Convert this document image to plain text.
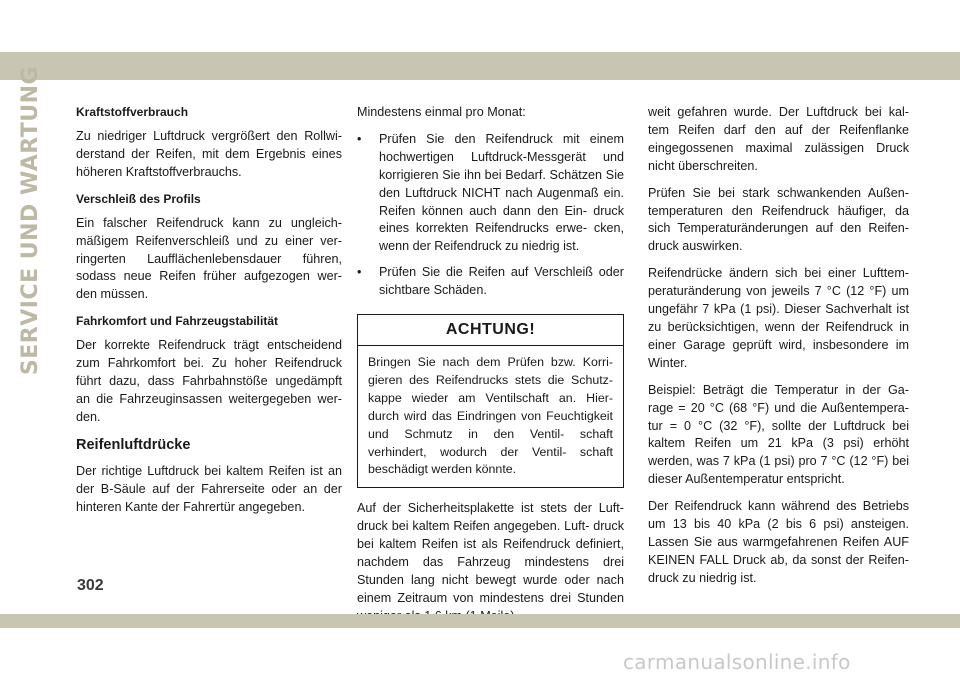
SERVICE UND WARTUNG	Kraftstoffverbrauch

Zu niedriger Luftdruck vergrößert den Rollwi- derstand der Reifen, mit dem Ergebnis eines höheren Kraftstoffverbrauchs.

Verschleiß des Profils

Ein falscher Reifendruck kann zu ungleich- mäßigem Reifenverschleiß und zu einer ver- ringerten Laufflächenlebensdauer führen, sodass neue Reifen früher aufgezogen wer- den müssen.

Fahrkomfort und Fahrzeugstabilität

Der korrekte Reifendruck trägt entscheidend zum Fahrkomfort bei. Zu hoher Reifendruck führt dazu, dass Fahrbahnstöße ungedämpft an die Fahrzeuginsassen weitergegeben wer- den.

Reifenluftdrücke

Der richtige Luftdruck bei kaltem Reifen ist an der B-Säule auf der Fahrerseite oder an der hinteren Kante der Fahrertür angegeben.

Mindestens einmal pro Monat:

• Prüfen Sie den Reifendruck mit einem hochwertigen Luftdruck-Messgerät und korrigieren Sie ihn bei Bedarf. Schätzen Sie den Luftdruck NICHT nach Augenmaß ein. Reifen können auch dann den Ein- druck eines korrekten Reifendrucks erwe- cken, wenn der Reifendruck zu niedrig ist.
• Prüfen Sie die Reifen auf Verschleiß oder sichtbare Schäden.
ACHTUNG!
Bringen Sie nach dem Prüfen bzw. Korri- gieren des Reifendrucks stets die Schutz- kappe wieder am Ventilschaft an. Hier- durch wird das Eindringen von Feuchtigkeit und Schmutz in den Ventil- schaft verhindert, wodurch der Ventil- schaft beschädigt werden könnte.

Auf der Sicherheitsplakette ist stets der Luft- druck bei kaltem Reifen angegeben. Luft- druck bei kaltem Reifen ist als Reifendruck definiert, nachdem das Fahrzeug mindestens drei Stunden lang nicht bewegt wurde oder nach einem Zeitraum von mindestens drei Stunden

weit gefahren wurde. Der Luftdruck bei kal- tem Reifen darf den auf der Reifenflanke eingegossenen maximal zulässigen Druck nicht überschreiten.

Prüfen Sie bei stark schwankenden Außen- temperaturen den Reifendruck häufiger, da sich Temperaturänderungen auf den Reifen- druck auswirken.

Reifendrücke ändern sich bei einer Lufttem- peraturänderung von jeweils 7 °C (12 °F) um ungefähr 7 kPa (1 psi). Dieser Sachverhalt ist zu berücksichtigen, wenn der Reifendruck in einer Garage geprüft wird, insbesondere im Winter.

Beispiel: Beträgt die Temperatur in der Ga- rage = 20 °C (68 °F) und die Außentempera- tur = 0 °C (32 °F), sollte der Luftdruck bei kaltem Reifen um 21 kPa (3 psi) erhöht werden, was 7 kPa (1 psi) pro 7 °C (12 °F) bei dieser Außentemperatur entspricht.

Der Reifendruck kann während des Betriebs um 13 bis 40 kPa (2 bis 6 psi) ansteigen. Lassen Sie aus warmgefahrenen Reifen AUF KEINEN FALL Druck ab, da sonst der Reifen- druck zu niedrig ist.

302
carmanualsonline.info
